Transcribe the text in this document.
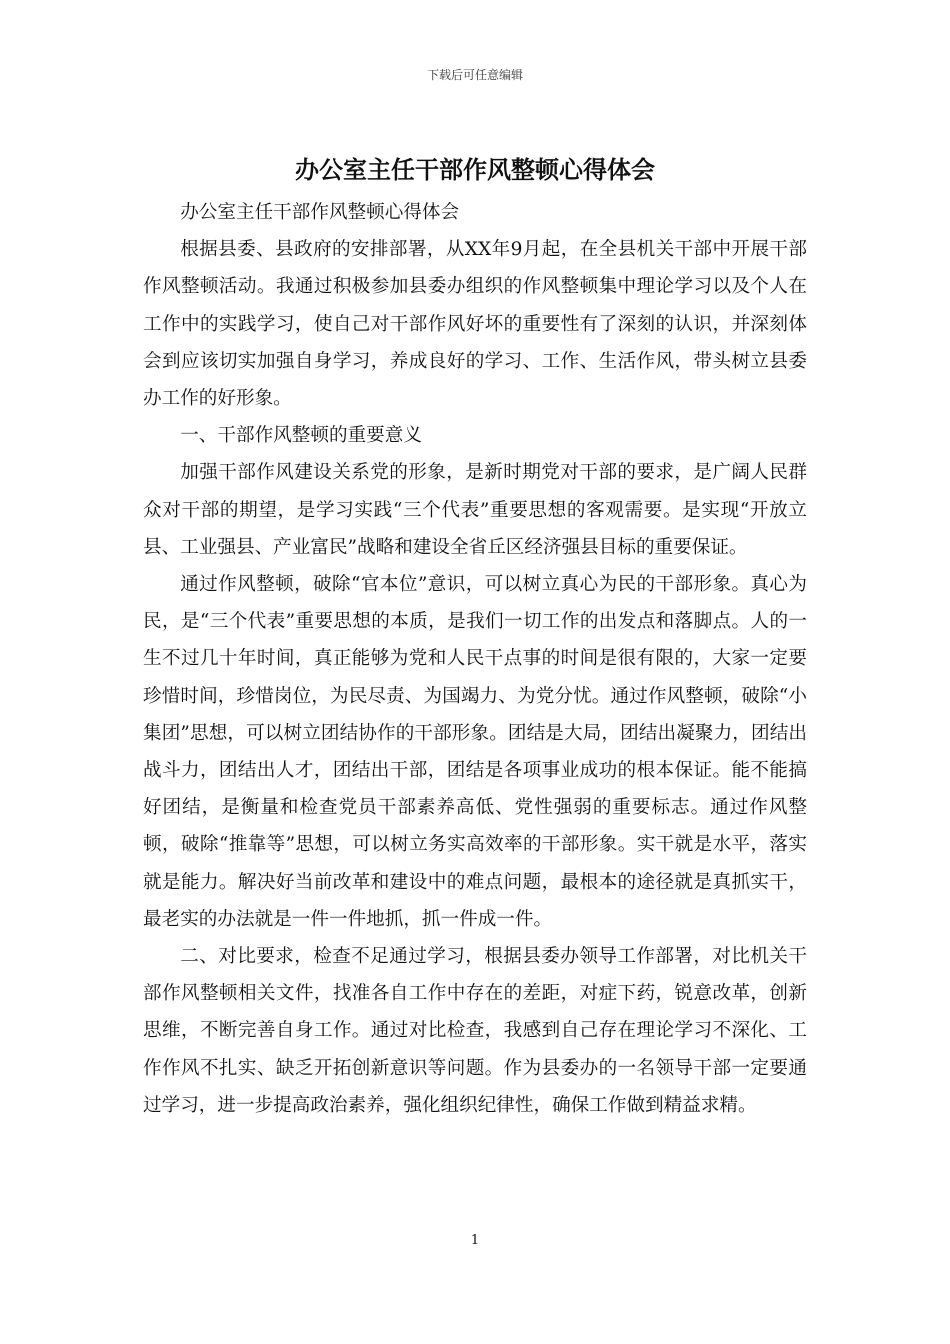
下载后可任意编辑
办公室主任干部作风整顿心得体会

办公室主任干部作风整顿心得体会

根据县委、县政府的安排部署，从XX年9月起，在全县机关干部中开展干部作风整顿活动。我通过积极参加县委办组织的作风整顿集中理论学习以及个人在工作中的实践学习，使自己对干部作风好坏的重要性有了深刻的认识，并深刻体会到应该切实加强自身学习，养成良好的学习、工作、生活作风，带头树立县委办工作的好形象。

一、干部作风整顿的重要意义

加强干部作风建设关系党的形象，是新时期党对干部的要求，是广阔人民群众对干部的期望，是学习实践“三个代表”重要思想的客观需要。是实现“开放立县、工业强县、产业富民”战略和建设全省丘区经济强县目标的重要保证。

通过作风整顿，破除“官本位”意识，可以树立真心为民的干部形象。真心为民，是“三个代表”重要思想的本质，是我们一切工作的出发点和落脚点。人的一生不过几十年时间，真正能够为党和人民干点事的时间是很有限的，大家一定要珍惜时间，珍惜岗位，为民尽责、为国竭力、为党分忧。通过作风整顿，破除“小集团”思想，可以树立团结协作的干部形象。团结是大局，团结出凝聚力，团结出战斗力，团结出人才，团结出干部，团结是各项事业成功的根本保证。能不能搞好团结，是衡量和检查党员干部素养高低、党性强弱的重要标志。通过作风整顿，破除“推靠等”思想，可以树立务实高效率的干部形象。实干就是水平，落实就是能力。解决好当前改革和建设中的难点问题，最根本的途径就是真抓实干，最老实的办法就是一件一件地抓，抓一件成一件。

二、对比要求，检查不足通过学习，根据县委办领导工作部署，对比机关干部作风整顿相关文件，找准各自工作中存在的差距，对症下药，锐意改革，创新思维，不断完善自身工作。通过对比检查，我感到自己存在理论学习不深化、工作作风不扎实、缺乏开拓创新意识等问题。作为县委办的一名领导干部一定要通过学习，进一步提高政治素养，强化组织纪律性，确保工作做到精益求精。

1
